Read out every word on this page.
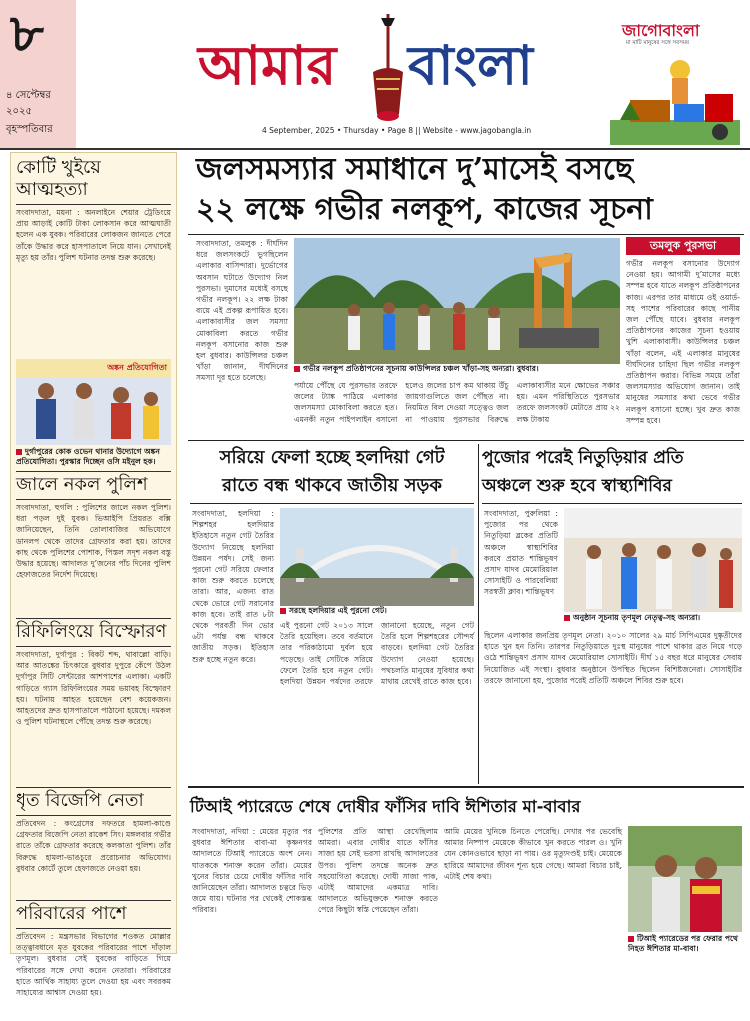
৮
৪ সেপ্টেম্বর
২০২৫
বৃহস্পতিবার
আমার বাংলা
4 September, 2025 • Thursday • Page 8 || Website - www.jagobangla.in
জাগোবাংলা
মা মাটি মানুষের সঙ্গে সবসময়
কোটি খুইয়ে আত্মহত্যা
সংবাদদাতা, ময়না : অনলাইনে শেয়ার ট্রেডিংয়ে প্রায় আড়াই কোটি টাকা লোকসান করে আত্মঘাতী হলেন এক যুবক। পরিবারের লোকজন জানতে পেরে তাঁকে উদ্ধার করে হাসপাতালে নিয়ে যান। সেখানেই মৃত্যু হয় তাঁর। পুলিশ ঘটনার তদন্ত শুরু করেছে।
অঙ্কন প্রতিযোগিতা
দুর্গাপুরের কোক ওভেন থানার উদ্যোগে অঙ্কন প্রতিযোগিতা। পুরস্কার দিচ্ছেন ওসি মইনুল হক।
জালে নকল পুলিশ
সংবাদদাতা, হুগলি : পুলিশের জালে নকল পুলিশ। ধরা পড়ল দুই যুবক। ভিআইপি প্রিয়রত বক্সি জানিয়েছেন, তিনি তোলাবাজির অভিযোগে ডানলপ থেকে তাদের গ্রেফতার করা হয়। তাদের কাছ থেকে পুলিশের পোশাক, পিস্তল সদৃশ নকল বস্তু উদ্ধার হয়েছে। আদালত দু’জনের পাঁচ দিনের পুলিশ হেফাজতের নির্দেশ দিয়েছে।
রিফিলিংয়ে বিস্ফোরণ
সংবাদদাতা, দুর্গাপুর : বিকট শব্দ, থাবাল্লো বাড়ি। আর আতঙ্কের চিৎকারে বুধবার দুপুরে কেঁপে উঠল দুর্গাপুর সিটি সেন্টারের আশপাশের এলাকা। একটি গাড়িতে গ্যাস রিফিলিংয়ের সময় ভয়াবহ বিস্ফোরণ হয়। ঘটনায় আহত হয়েছেন বেশ কয়েকজন। আহতদের দ্রুত হাসপাতালে পাঠানো হয়েছে। দমকল ও পুলিশ ঘটনাস্থলে পৌঁছে তদন্ত শুরু করেছে।
ধৃত বিজেপি নেতা
প্রতিবেদন : কংগ্রেসের দফতরে হামলা-কাণ্ডে গ্রেফতার বিজেপি নেতা রাকেশ সিং। মঙ্গলবার গভীর রাতে তাঁকে গ্রেফতার করেছে কলকাতা পুলিশ। তাঁর বিরুদ্ধে হামলা-ভাঙচুরে প্ররোচনার অভিযোগ। বুধবার কোর্টে তুলে হেফাজতে নেওয়া হয়।
পরিবারের পাশে
প্রতিবেদন : মন্ত্রসভার বিভাগের শওকত মোল্লার তত্ত্বাবধানে মৃত যুবকের পরিবারের পাশে দাঁড়াল তৃণমূল। বুধবার সেই যুবকের বাড়িতে গিয়ে পরিবারের সঙ্গে দেখা করেন নেতারা। পরিবারের হাতে আর্থিক সাহায্য তুলে দেওয়া হয় এবং সবরকম সাহায্যের আশ্বাস দেওয়া হয়।
জলসমস্যার সমাধানে দু’মাসেই বসছে
২২ লক্ষে গভীর নলকূপ, কাজের সূচনা
সংবাদদাতা, তমলুক : দীর্ঘদিন ধরে জলসংকটে ভুগছিলেন এলাকার বাসিন্দারা। দুর্ভোগের অবসান ঘটাতে উদ্যোগ নিল পুরসভা। দুমাসের মধ্যেই বসছে গভীর নলকূপ। ২২ লক্ষ টাকা ব্যয়ে এই প্রকল্প রূপায়িত হবে। এলাকাবাসীর জল সমস্যা মোকাবিলা করতে গভীর নলকূপ বসানোর কাজ শুরু হল বুধবার। কাউন্সিলর চঞ্চল খাঁড়া জানান, দীর্ঘদিনের সমস্যা দূর হতে চলেছে।
গভীর নলকূপ প্রতিষ্ঠাপনের সূচনায় কাউন্সিলর চঞ্চল খাঁড়া-সহ অন্যরা। বুধবার।
তমলুক পুরসভা
গভীর নলকূপ বসানোর উদ্যোগ নেওয়া হয়। আগামী দু’মাসের মধ্যে সম্পন্ন হবে যাতে নলকূপ প্রতিষ্ঠাপনের কাজ। এরপর তার মাধ্যমে ওই ওয়ার্ড-সহ পাশের পরিবারের কাছে পানীয় জল পৌঁছে যাবে। বুধবার নলকূপ প্রতিষ্ঠাপনের কাজের সূচনা হওয়ায় খুশি এলাকাবাসী। কাউন্সিলর চঞ্চল খাঁড়া বলেন, এই এলাকার মানুষের দীর্ঘদিনের চাহিদা ছিল গভীর নলকূপ প্রতিষ্ঠাপন করার। বিভিন্ন সময়ে তাঁরা জলসমস্যার অভিযোগ জানান। তাই মানুষের সমস্যার কথা ভেবে গভীর নলকূপ বসানো হচ্ছে। খুব দ্রুত কাজ সম্পন্ন হবে।
পর্যায়ে পৌঁছে যে পুরসভার তরফে জলের ট্যাঙ্ক পাঠিয়ে এলাকার জলসমস্যা মোকাবিলা করতে হত। এমনকী নতুন পাইপলাইন বসানো হলেও জলের চাপ কম থাকায় উঁচু জায়গাগুলিতে জল পৌঁছত না। নিয়মিত বিল দেওয়া সত্ত্বেও জল না পাওয়ায় পুরসভার বিরুদ্ধে এলাকাবাসীর মনে ক্ষোভের সঞ্চার হয়। এমন পরিস্থিতিতে পুরসভার তরফে জলসংকট মেটাতে প্রায় ২২ লক্ষ টাকায়
সরিয়ে ফেলা হচ্ছে হলদিয়া গেট
রাতে বন্ধ থাকবে জাতীয় সড়ক
সংবাদদাতা, হলদিয়া : শিল্পশহর হলদিয়ার ইতিহাসে নতুন গেট তৈরির উদ্যোগ নিয়েছে হলদিয়া উন্নয়ন পর্ষদ। সেই জন্য পুরনো গেট সরিয়ে ফেলার কাজ শুরু করতে চলেছে তারা। আর, এজন্য রাত থেকে ভোরে গেট সরানোর কাজ হবে। তাই রাত ৮টা থেকে পরবর্তী দিন ভোর ৬টা পর্যন্ত বন্ধ থাকবে জাতীয় সড়ক। ইতিহাস শুরু হচ্ছে নতুন করে।
সরছে হলদিয়ার এই পুরনো গেট।
এই পুরনো গেট ২০১৩ সালে তৈরি হয়েছিল। তবে বর্তমানে তার পরিকাঠামো দুর্বল হয়ে পড়েছে। তাই সেটিকে সরিয়ে ফেলে তৈরি হবে নতুন গেট। হলদিয়া উন্নয়ন পর্ষদের তরফে জানানো হয়েছে, নতুন গেট তৈরি হলে শিল্পশহরের সৌন্দর্য বাড়বে। হলদিয়া গেট তৈরির উদ্যোগ নেওয়া হয়েছে। পথচলতি মানুষের সুবিধার কথা মাথায় রেখেই রাতে কাজ হবে।
পুজোর পরেই নিতুড়িয়ার প্রতি
অঞ্চলে শুরু হবে স্বাস্থ্যশিবির
সংবাদদাতা, পুরুলিয়া : পুজোর পর থেকে নিতুড়িয়া ব্লকের প্রতিটি অঞ্চলে স্বাস্থ্যশিবির করবে প্রয়াত শান্তিভূষণ প্রসাদ যাদব মেমোরিয়াল সোসাইটি ও পারবেলিয়া সরস্বতী ক্লাব। শান্তিভূষণ
অনুষ্ঠান সূচনায় তৃণমূল নেতৃত্ব-সহ অন্যরা।
ছিলেন এলাকার জনপ্রিয় তৃণমূল নেতা। ২০১০ সালের ২৯ মার্চ সিপিএমের দুষ্কৃতীদের হাতে খুন হন তিনি। তারপর নিতুড়িয়াতে দুঃস্থ মানুষের পাশে থাকার ব্রত নিয়ে গড়ে ওঠে শান্তিভূষণ প্রসাদ যাদব মেমোরিয়াল সোসাইটি। দীর্ঘ ১৫ বছর ধরে মানুষের সেবায় নিয়োজিত এই সংস্থা। বুধবার অনুষ্ঠানে উপস্থিত ছিলেন বিশিষ্টজনেরা। সোসাইটির তরফে জানানো হয়, পুজোর পরেই প্রতিটি অঞ্চলে শিবির শুরু হবে।
টিআই প্যারেডে শেষে দোষীর ফাঁসির দাবি ঈশিতার মা-বাবার
সংবাদদাতা, নদিয়া : মেয়ের মৃত্যুর পর বুধবার ঈশিতার বাবা-মা কৃষ্ণনগর আদালতে টিআই প্যারেডে অংশ নেন। ঘাতককে শনাক্ত করেন তাঁরা। মেয়ের খুনের বিচার চেয়ে দোষীর ফাঁসির দাবি জানিয়েছেন তাঁরা। আদালত চত্বরে ভিড় জমে যায়। ঘটনার পর থেকেই শোকস্তব্ধ পরিবার।
পুলিশের প্রতি আস্থা রেখেছিলাম আমরা। এবার দোষীর যাতে ফাঁসির সাজা হয় সেই ভরসা রাখছি আদালতের উপর। পুলিশ তদন্তে অনেক দ্রুত সহযোগিতা করেছে। দোষী সাজা পাক, এটাই আমাদের একমাত্র দাবি। আদালতে অভিযুক্তকে শনাক্ত করতে পেরে কিছুটা স্বস্তি পেয়েছেন তাঁরা।
আমি মেয়ের খুনিকে চিনতে পেরেছি। দেখার পর ভেবেছি আমার নিষ্পাপ মেয়েকে কীভাবে খুন করতে পারল ও। খুনি যেন কোনওভাবে ছাড়া না পায়। ওর মৃত্যুদণ্ডই চাই। মেয়েকে হারিয়ে আমাদের জীবন শূন্য হয়ে গেছে। আমরা বিচার চাই, এটাই শেষ কথা।
টিআই প্যারেডের পর ফেরার পথে নিহত ঈশিতার মা-বাবা।
